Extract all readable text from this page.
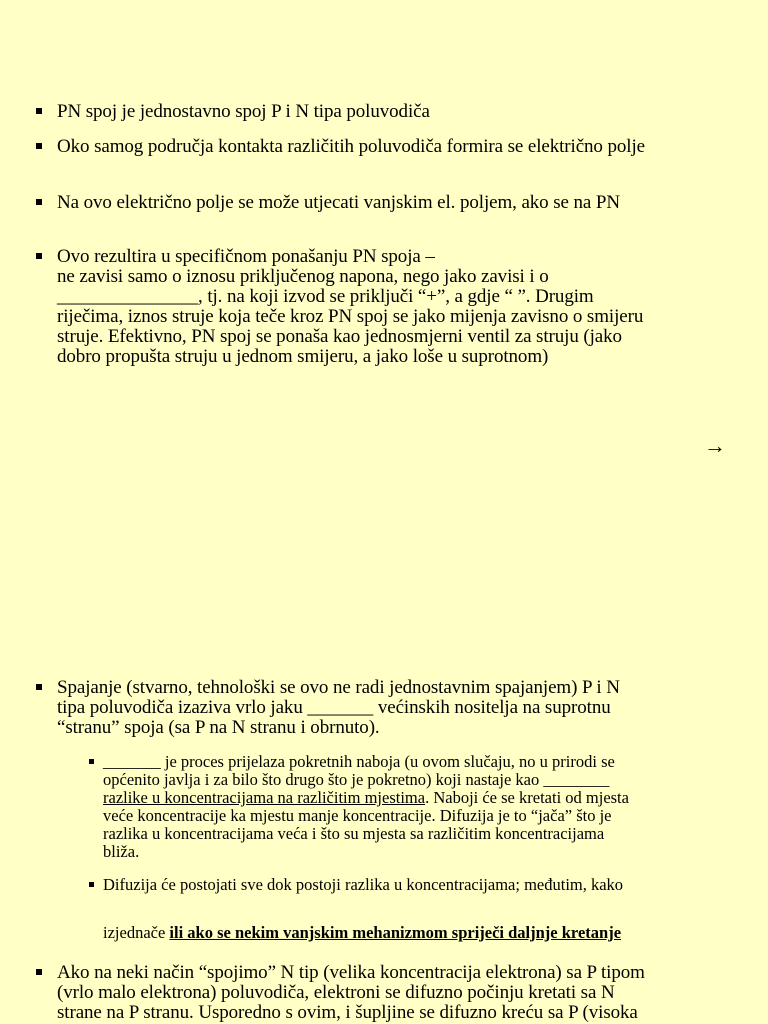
PN spoj je jednostavno spoj P i N tipa poluvodiča
Oko samog područja kontakta različitih poluvodiča formira se električno polje
Na ovo električno polje se može utjecati vanjskim el. poljem, ako se na PN
Ovo rezultira u specifičnom ponašanju PN spoja –
ne zavisi samo o iznosu priključenog napona, nego jako zavisi i o
_______________, tj. na koji izvod se priključi “+”, a gdje “ ”. Drugim
riječima, iznos struje koja teče kroz PN spoj se jako mijenja zavisno o smijeru
struje. Efektivno, PN spoj se ponaša kao jednosmjerni ventil za struju (jako
dobro propušta struju u jednom smijeru, a jako loše u suprotnom)
→
Spajanje (stvarno, tehnološki se ovo ne radi jednostavnim spajanjem) P i N
tipa poluvodiča izaziva vrlo jaku _______ većinskih nositelja na suprotnu
“stranu” spoja (sa P na N stranu i obrnuto).
_______ je proces prijelaza pokretnih naboja (u ovom slučaju, no u prirodi se
općenito javlja i za bilo što drugo što je pokretno) koji nastaje kao ________
razlike u koncentracijama na različitim mjestima. Naboji će se kretati od mjesta
veće koncentracije ka mjestu manje koncentracije. Difuzija je to “jača” što je
razlika u koncentracijama veća i što su mjesta sa različitim koncentracijama
bliža.
Difuzija će postojati sve dok postoji razlika u koncentracijama; međutim, kako
izjednače ili ako se nekim vanjskim mehanizmom spriječi daljnje kretanje
Ako na neki način “spojimo” N tip (velika koncentracija elektrona) sa P tipom
(vrlo malo elektrona) poluvodiča, elektroni se difuzno počinju kretati sa N
strane na P stranu. Usporedno s ovim, i šupljine se difuzno kreću sa P (visoka
